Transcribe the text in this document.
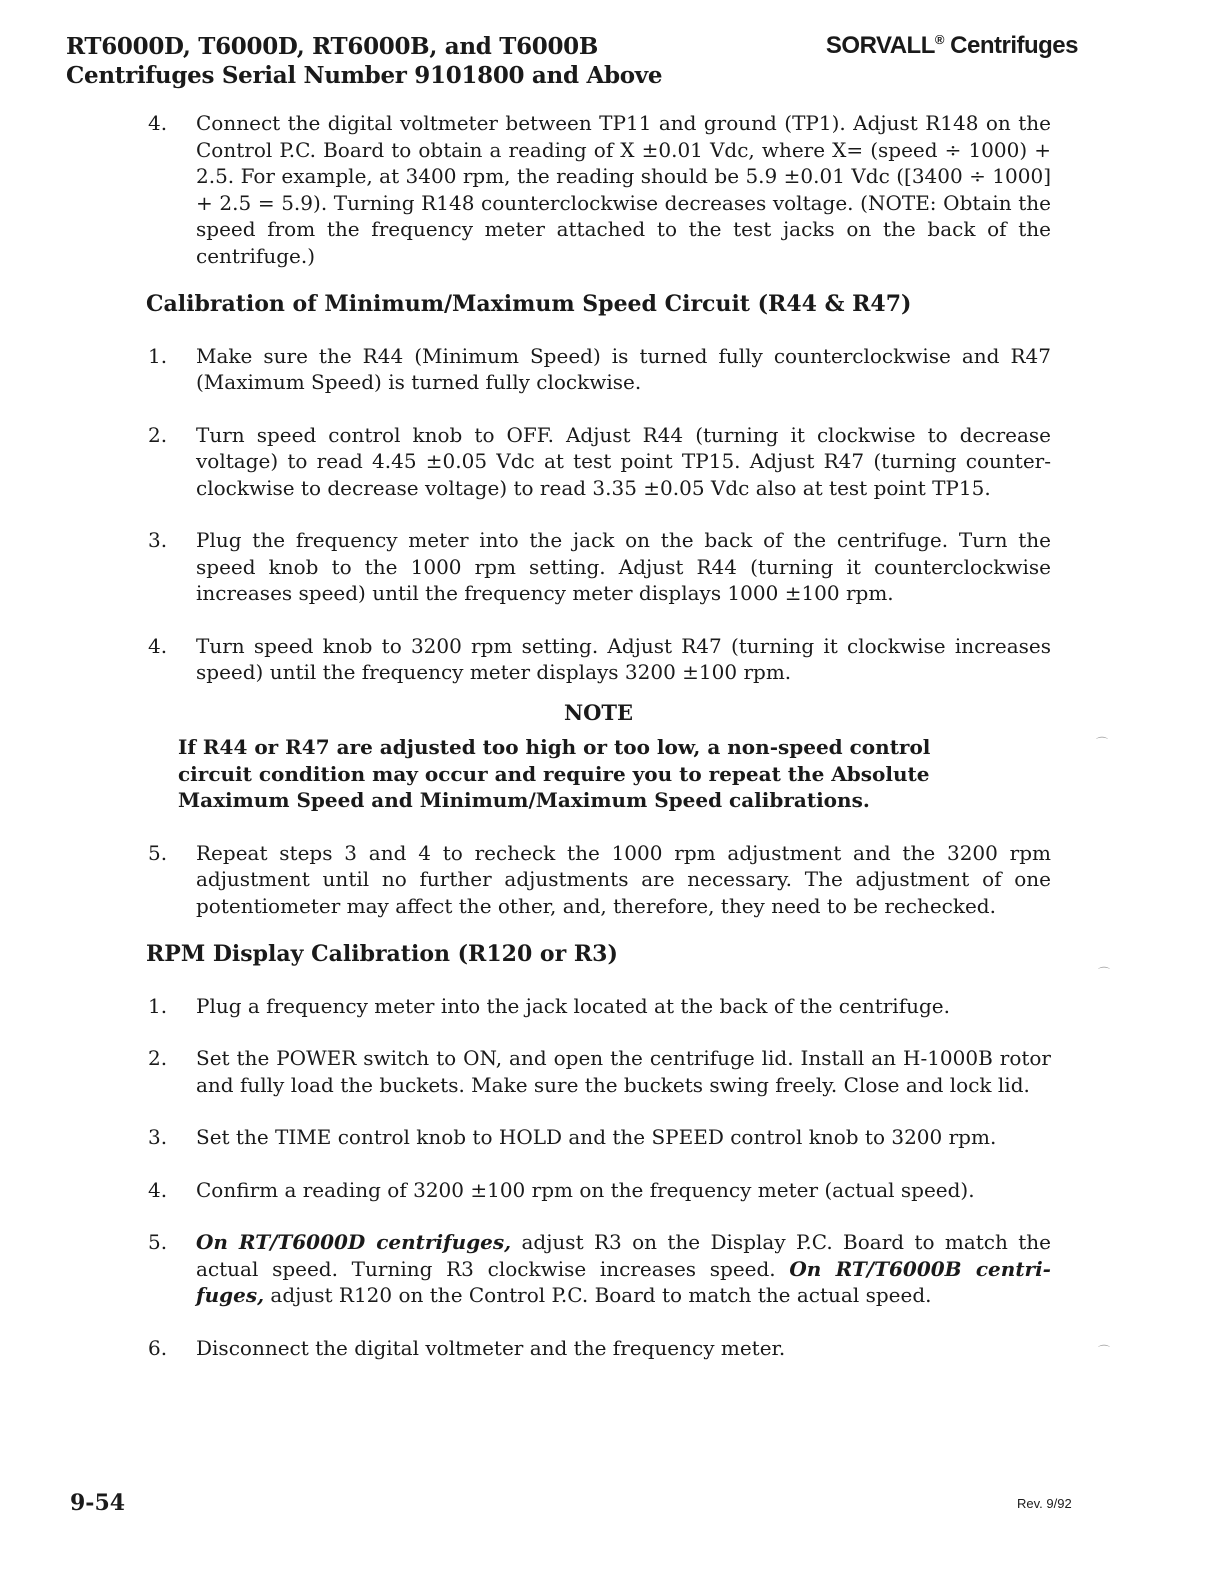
RT6000D, T6000D, RT6000B, and T6000B
Centrifuges Serial Number 9101800 and Above
SORVALL® Centrifuges
4. Connect the digital voltmeter between TP11 and ground (TP1). Adjust R148 on the Control P.C. Board to obtain a reading of X ±0.01 Vdc, where X= (speed ÷ 1000) + 2.5. For example, at 3400 rpm, the reading should be 5.9 ±0.01 Vdc ([3400 ÷ 1000] + 2.5 = 5.9). Turning R148 counterclockwise decreases voltage. (NOTE: Obtain the speed from the frequency meter attached to the test jacks on the back of the centrifuge.)
Calibration of Minimum/Maximum Speed Circuit (R44 & R47)
1. Make sure the R44 (Minimum Speed) is turned fully counterclockwise and R47 (Maximum Speed) is turned fully clockwise.
2. Turn speed control knob to OFF. Adjust R44 (turning it clockwise to decrease voltage) to read 4.45 ±0.05 Vdc at test point TP15. Adjust R47 (turning counter-clockwise to decrease voltage) to read 3.35 ±0.05 Vdc also at test point TP15.
3. Plug the frequency meter into the jack on the back of the centrifuge. Turn the speed knob to the 1000 rpm setting. Adjust R44 (turning it counterclockwise increases speed) until the frequency meter displays 1000 ±100 rpm.
4. Turn speed knob to 3200 rpm setting. Adjust R47 (turning it clockwise increases speed) until the frequency meter displays 3200 ±100 rpm.
NOTE
If R44 or R47 are adjusted too high or too low, a non-speed control circuit condition may occur and require you to repeat the Absolute Maximum Speed and Minimum/Maximum Speed calibrations.
5. Repeat steps 3 and 4 to recheck the 1000 rpm adjustment and the 3200 rpm adjustment until no further adjustments are necessary. The adjustment of one potentiometer may affect the other, and, therefore, they need to be rechecked.
RPM Display Calibration (R120 or R3)
1. Plug a frequency meter into the jack located at the back of the centrifuge.
2. Set the POWER switch to ON, and open the centrifuge lid. Install an H-1000B rotor and fully load the buckets. Make sure the buckets swing freely. Close and lock lid.
3. Set the TIME control knob to HOLD and the SPEED control knob to 3200 rpm.
4. Confirm a reading of 3200 ±100 rpm on the frequency meter (actual speed).
5. On RT/T6000D centrifuges, adjust R3 on the Display P.C. Board to match the actual speed. Turning R3 clockwise increases speed. On RT/T6000B centri-fuges, adjust R120 on the Control P.C. Board to match the actual speed.
6. Disconnect the digital voltmeter and the frequency meter.
9-54	Rev. 9/92
⌒
⌒
⌒
